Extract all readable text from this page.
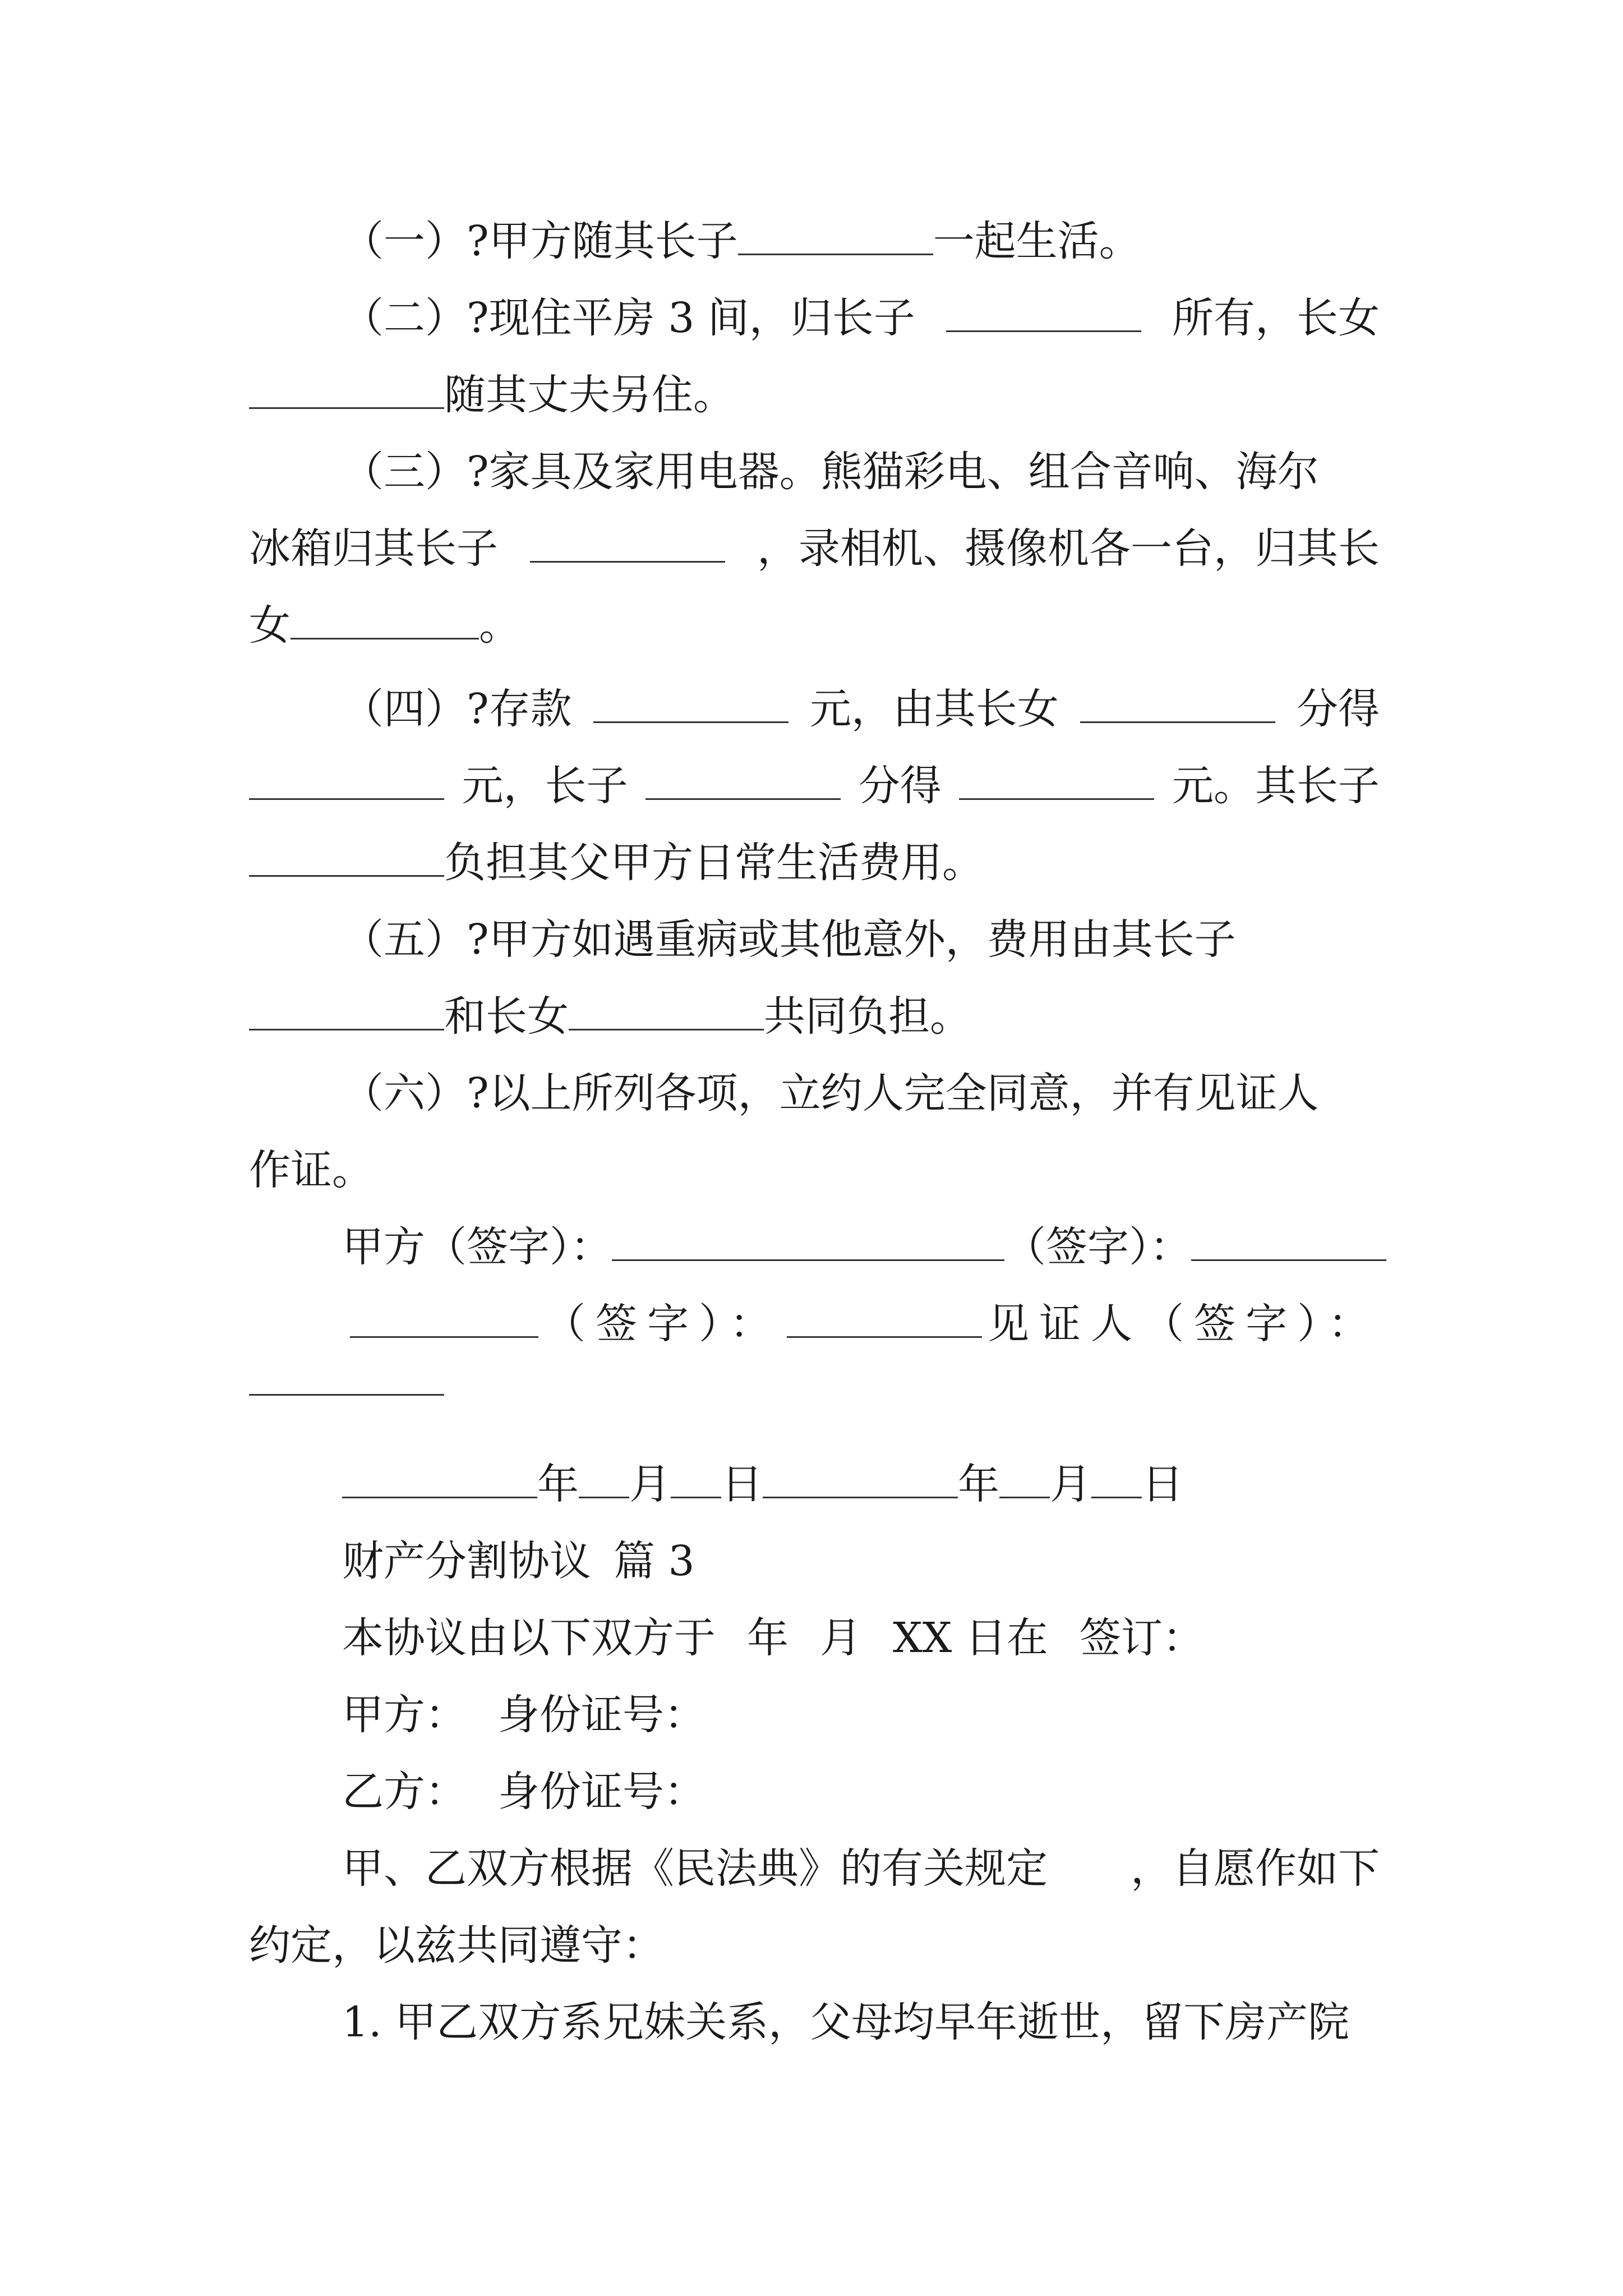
（一）?甲方随其长子	一起生活。
（二）?现住平房 3 间，归长子	所有，长女
随其丈夫另住。
（三）?家具及家用电器。熊猫彩电、组合音响、海尔
冰箱归其长子	，录相机、摄像机各一台，归其长
女	。
（四）?存款	元，由其长女	分得
元，长子	分得	元。其长子
负担其父甲方日常生活费用。
（五）?甲方如遇重病或其他意外，费用由其长子
和长女	共同负担。
（六）?以上所列各项，立约人完全同意，并有见证人
作证。
甲方（签字）：	（签字）：
（签字）：	见证人（签字）：
年 月 日	年 月 日
财产分割协议 篇 3
本协议由以下双方于 年 月 XX 日在 签订：
甲方： 身份证号：
乙方： 身份证号：
甲、乙双方根据《民法典》的有关规定 ，自愿作如下
约定，以兹共同遵守：
1. 甲乙双方系兄妹关系，父母均早年逝世，留下房产院
